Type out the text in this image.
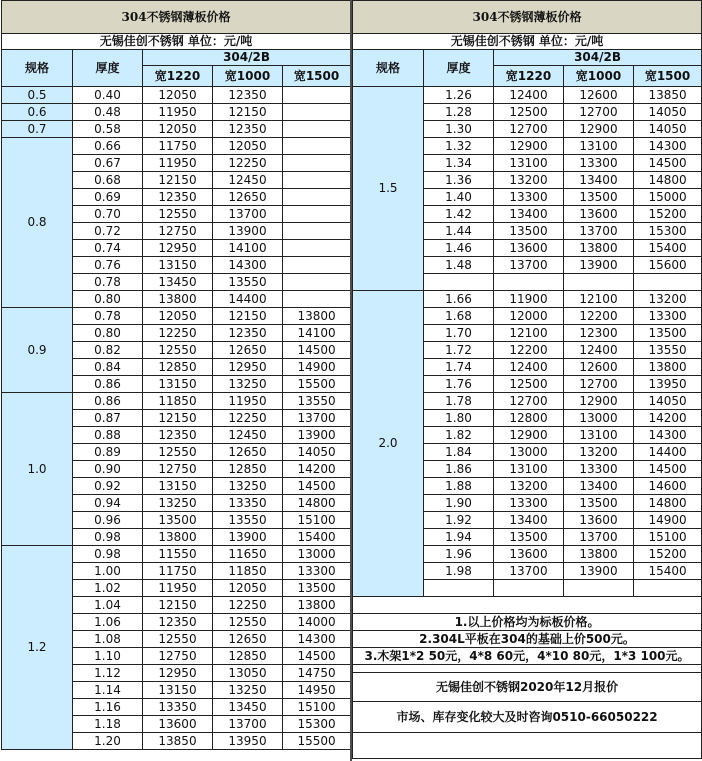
304不锈钢薄板价格				
无锡佳创不锈钢 单位：元/吨				
规格	厚度	304/2B		
		宽1220	宽1000	宽1500
0.5	0.40	12050	12350	
0.6	0.48	11950	12150	
0.7	0.58	12050	12350	
0.8	0.66	11750	12050	
	0.67	11950	12250	
	0.68	12150	12450	
	0.69	12350	12650	
	0.70	12550	13700	
	0.72	12750	13900	
	0.74	12950	14100	
	0.76	13150	14300	
	0.78	13450	13550	
	0.80	13800	14400	
0.9	0.78	12050	12150	13800
	0.80	12250	12350	14100
	0.82	12550	12650	14500
	0.84	12850	12950	14900
	0.86	13150	13250	15500
1.0	0.86	11850	11950	13550
	0.87	12150	12250	13700
	0.88	12350	12450	13900
	0.89	12550	12650	14050
	0.90	12750	12850	14200
	0.92	13150	13250	14500
	0.94	13250	13350	14800
	0.96	13500	13550	15100
	0.98	13800	13900	15400
1.2	0.98	11550	11650	13000
	1.00	11750	11850	13300
	1.02	11950	12050	13500
	1.04	12150	12250	13800
	1.06	12350	12550	14000
	1.08	12550	12650	14300
	1.10	12750	12850	14500
	1.12	12950	13050	14750
	1.14	13150	13250	14950
	1.16	13350	13450	15100
	1.18	13600	13700	15300
	1.20	13850	13950	15500
304不锈钢薄板价格				
无锡佳创不锈钢 单位：元/吨				
规格	厚度	304/2B		
		宽1220	宽1000	宽1500
1.5	1.26	12400	12600	13850
	1.28	12500	12700	14050
	1.30	12700	12900	14050
	1.32	12900	13100	14300
	1.34	13100	13300	14500
	1.36	13200	13400	14800
	1.40	13300	13500	15000
	1.42	13400	13600	15200
	1.44	13500	13700	15300
	1.46	13600	13800	15400
	1.48	13700	13900	15600

2.0	1.66	11900	12100	13200
	1.68	12000	12200	13300
	1.70	12100	12300	13500
	1.72	12200	12400	13550
	1.74	12400	12600	13800
	1.76	12500	12700	13950
	1.78	12700	12900	14050
	1.80	12800	13000	14200
	1.82	12900	13100	14300
	1.84	13000	13200	14400
	1.86	13100	13300	14500
	1.88	13200	13400	14600
	1.90	13300	13500	14800
	1.92	13400	13600	14900
	1.94	13500	13700	15100
	1.96	13600	13800	15200
	1.98	13700	13900	15400

1.以上价格均为标板价格。				
2.304L平板在304的基础上价500元。				
3.木架1*2 50元，4*8 60元，4*10 80元，1*3 100元。				

无锡佳创不锈钢2020年12月报价				
市场、库存变化较大及时咨询0510-66050222				
